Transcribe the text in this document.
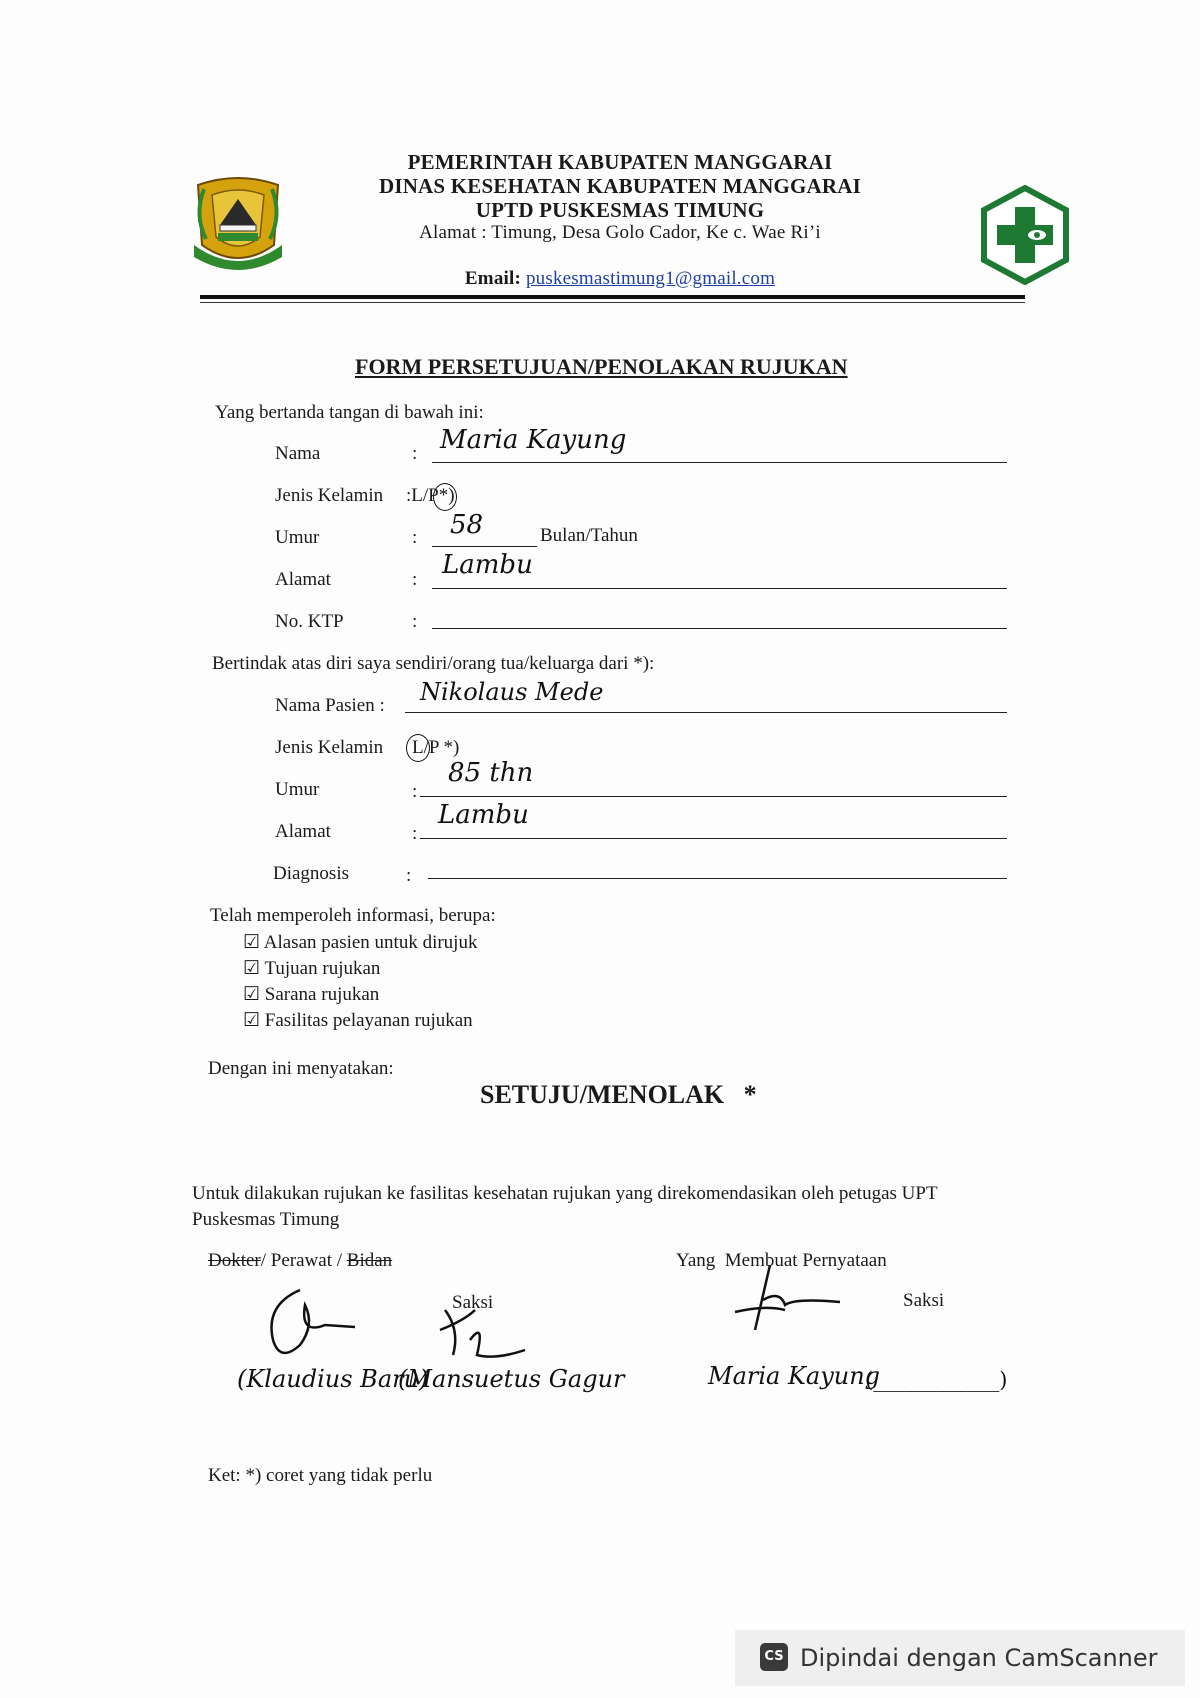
PEMERINTAH KABUPATEN MANGGARAI
DINAS KESEHATAN KABUPATEN MANGGARAI
UPTD PUSKESMAS TIMUNG
Alamat : Timung, Desa Golo Cador, Ke c. Wae Ri’i
Email: puskesmastimung1@gmail.com
FORM PERSETUJUAN/PENOLAKAN RUJUKAN
Yang bertanda tangan di bawah ini:
Nama	: Maria Kayung
Jenis Kelamin :L/P*)
Umur	: 58	Bulan/Tahun
Alamat	: Lambu
No. KTP	:
Bertindak atas diri saya sendiri/orang tua/keluarga dari *):
Nama Pasien : Nikolaus Mede
Jenis Kelamin L/P *)
Umur	:
85 thn
Alamat	:
Lambu
Diagnosis	:
Telah memperoleh informasi, berupa:
☑ Alasan pasien untuk dirujuk
☑ Tujuan rujukan
☑ Sarana rujukan
☑ Fasilitas pelayanan rujukan
Dengan ini menyatakan:
SETUJU/MENOLAK   *
Untuk dilakukan rujukan ke fasilitas kesehatan rujukan yang direkomendasikan oleh petugas UPT
Puskesmas Timung
Dokter/ Perawat / Bidan
Saksi
(Klaudius Baru)
(Mansuetus Gagur
Yang  Membuat Pernyataan
Saksi
Maria Kayung
(____________)
Ket: *) coret yang tidak perlu
CS Dipindai dengan CamScanner
